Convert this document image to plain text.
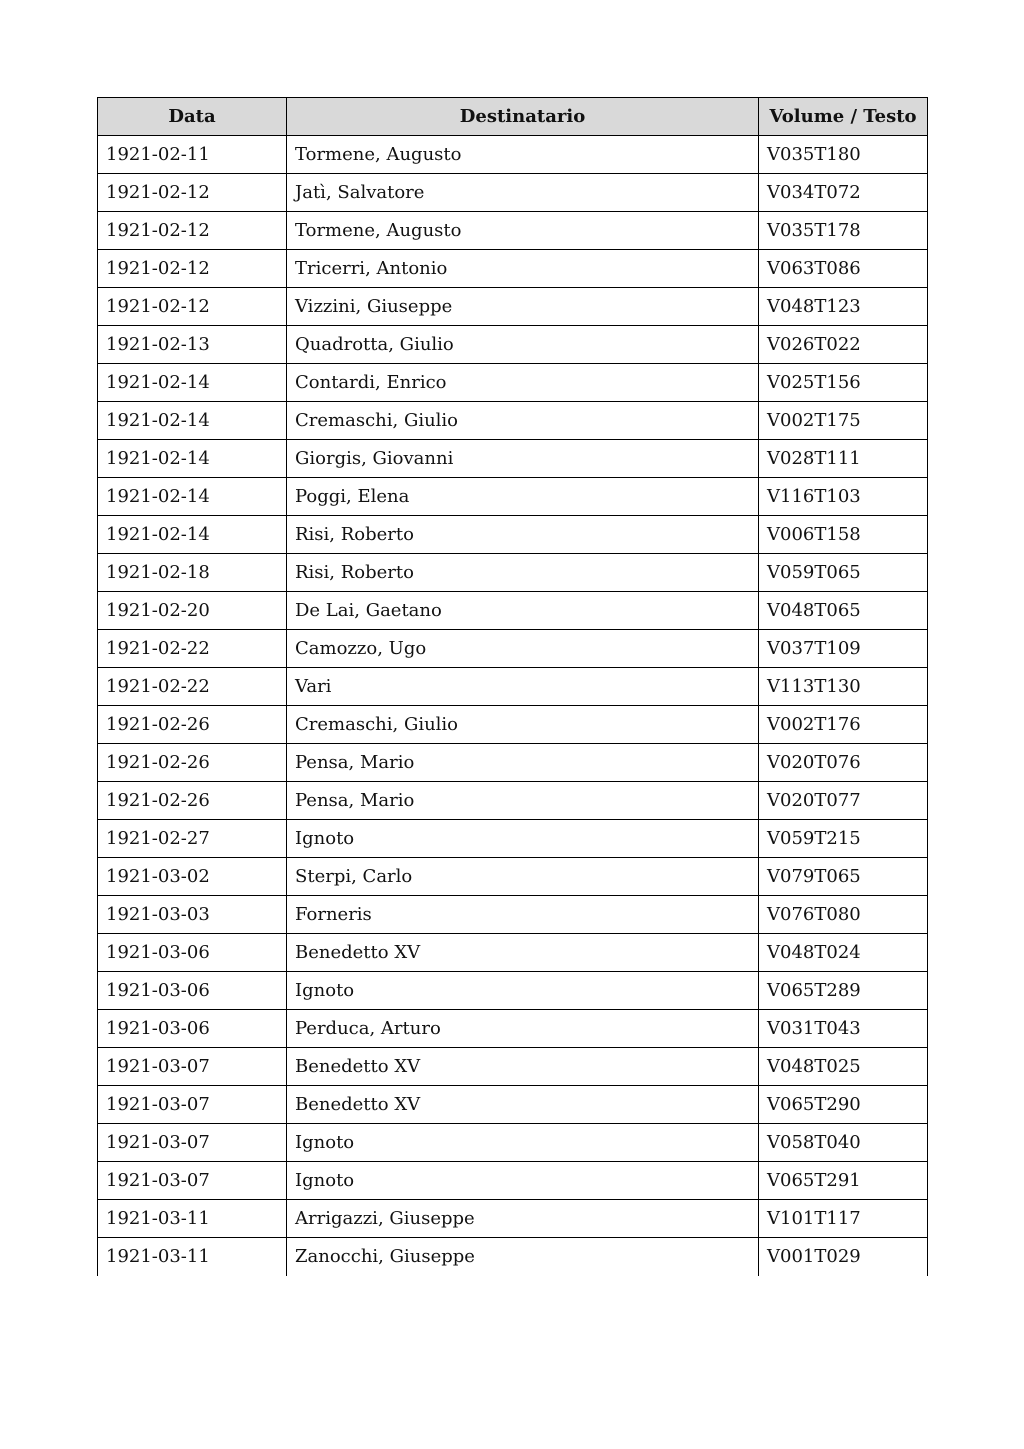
Data	Destinatario	Volume / Testo
1921-02-11	Tormene, Augusto	V035T180
1921-02-12	Jatì, Salvatore	V034T072
1921-02-12	Tormene, Augusto	V035T178
1921-02-12	Tricerri, Antonio	V063T086
1921-02-12	Vizzini, Giuseppe	V048T123
1921-02-13	Quadrotta, Giulio	V026T022
1921-02-14	Contardi, Enrico	V025T156
1921-02-14	Cremaschi, Giulio	V002T175
1921-02-14	Giorgis, Giovanni	V028T111
1921-02-14	Poggi, Elena	V116T103
1921-02-14	Risi, Roberto	V006T158
1921-02-18	Risi, Roberto	V059T065
1921-02-20	De Lai, Gaetano	V048T065
1921-02-22	Camozzo, Ugo	V037T109
1921-02-22	Vari	V113T130
1921-02-26	Cremaschi, Giulio	V002T176
1921-02-26	Pensa, Mario	V020T076
1921-02-26	Pensa, Mario	V020T077
1921-02-27	Ignoto	V059T215
1921-03-02	Sterpi, Carlo	V079T065
1921-03-03	Forneris	V076T080
1921-03-06	Benedetto XV	V048T024
1921-03-06	Ignoto	V065T289
1921-03-06	Perduca, Arturo	V031T043
1921-03-07	Benedetto XV	V048T025
1921-03-07	Benedetto XV	V065T290
1921-03-07	Ignoto	V058T040
1921-03-07	Ignoto	V065T291
1921-03-11	Arrigazzi, Giuseppe	V101T117
1921-03-11	Zanocchi, Giuseppe	V001T029
